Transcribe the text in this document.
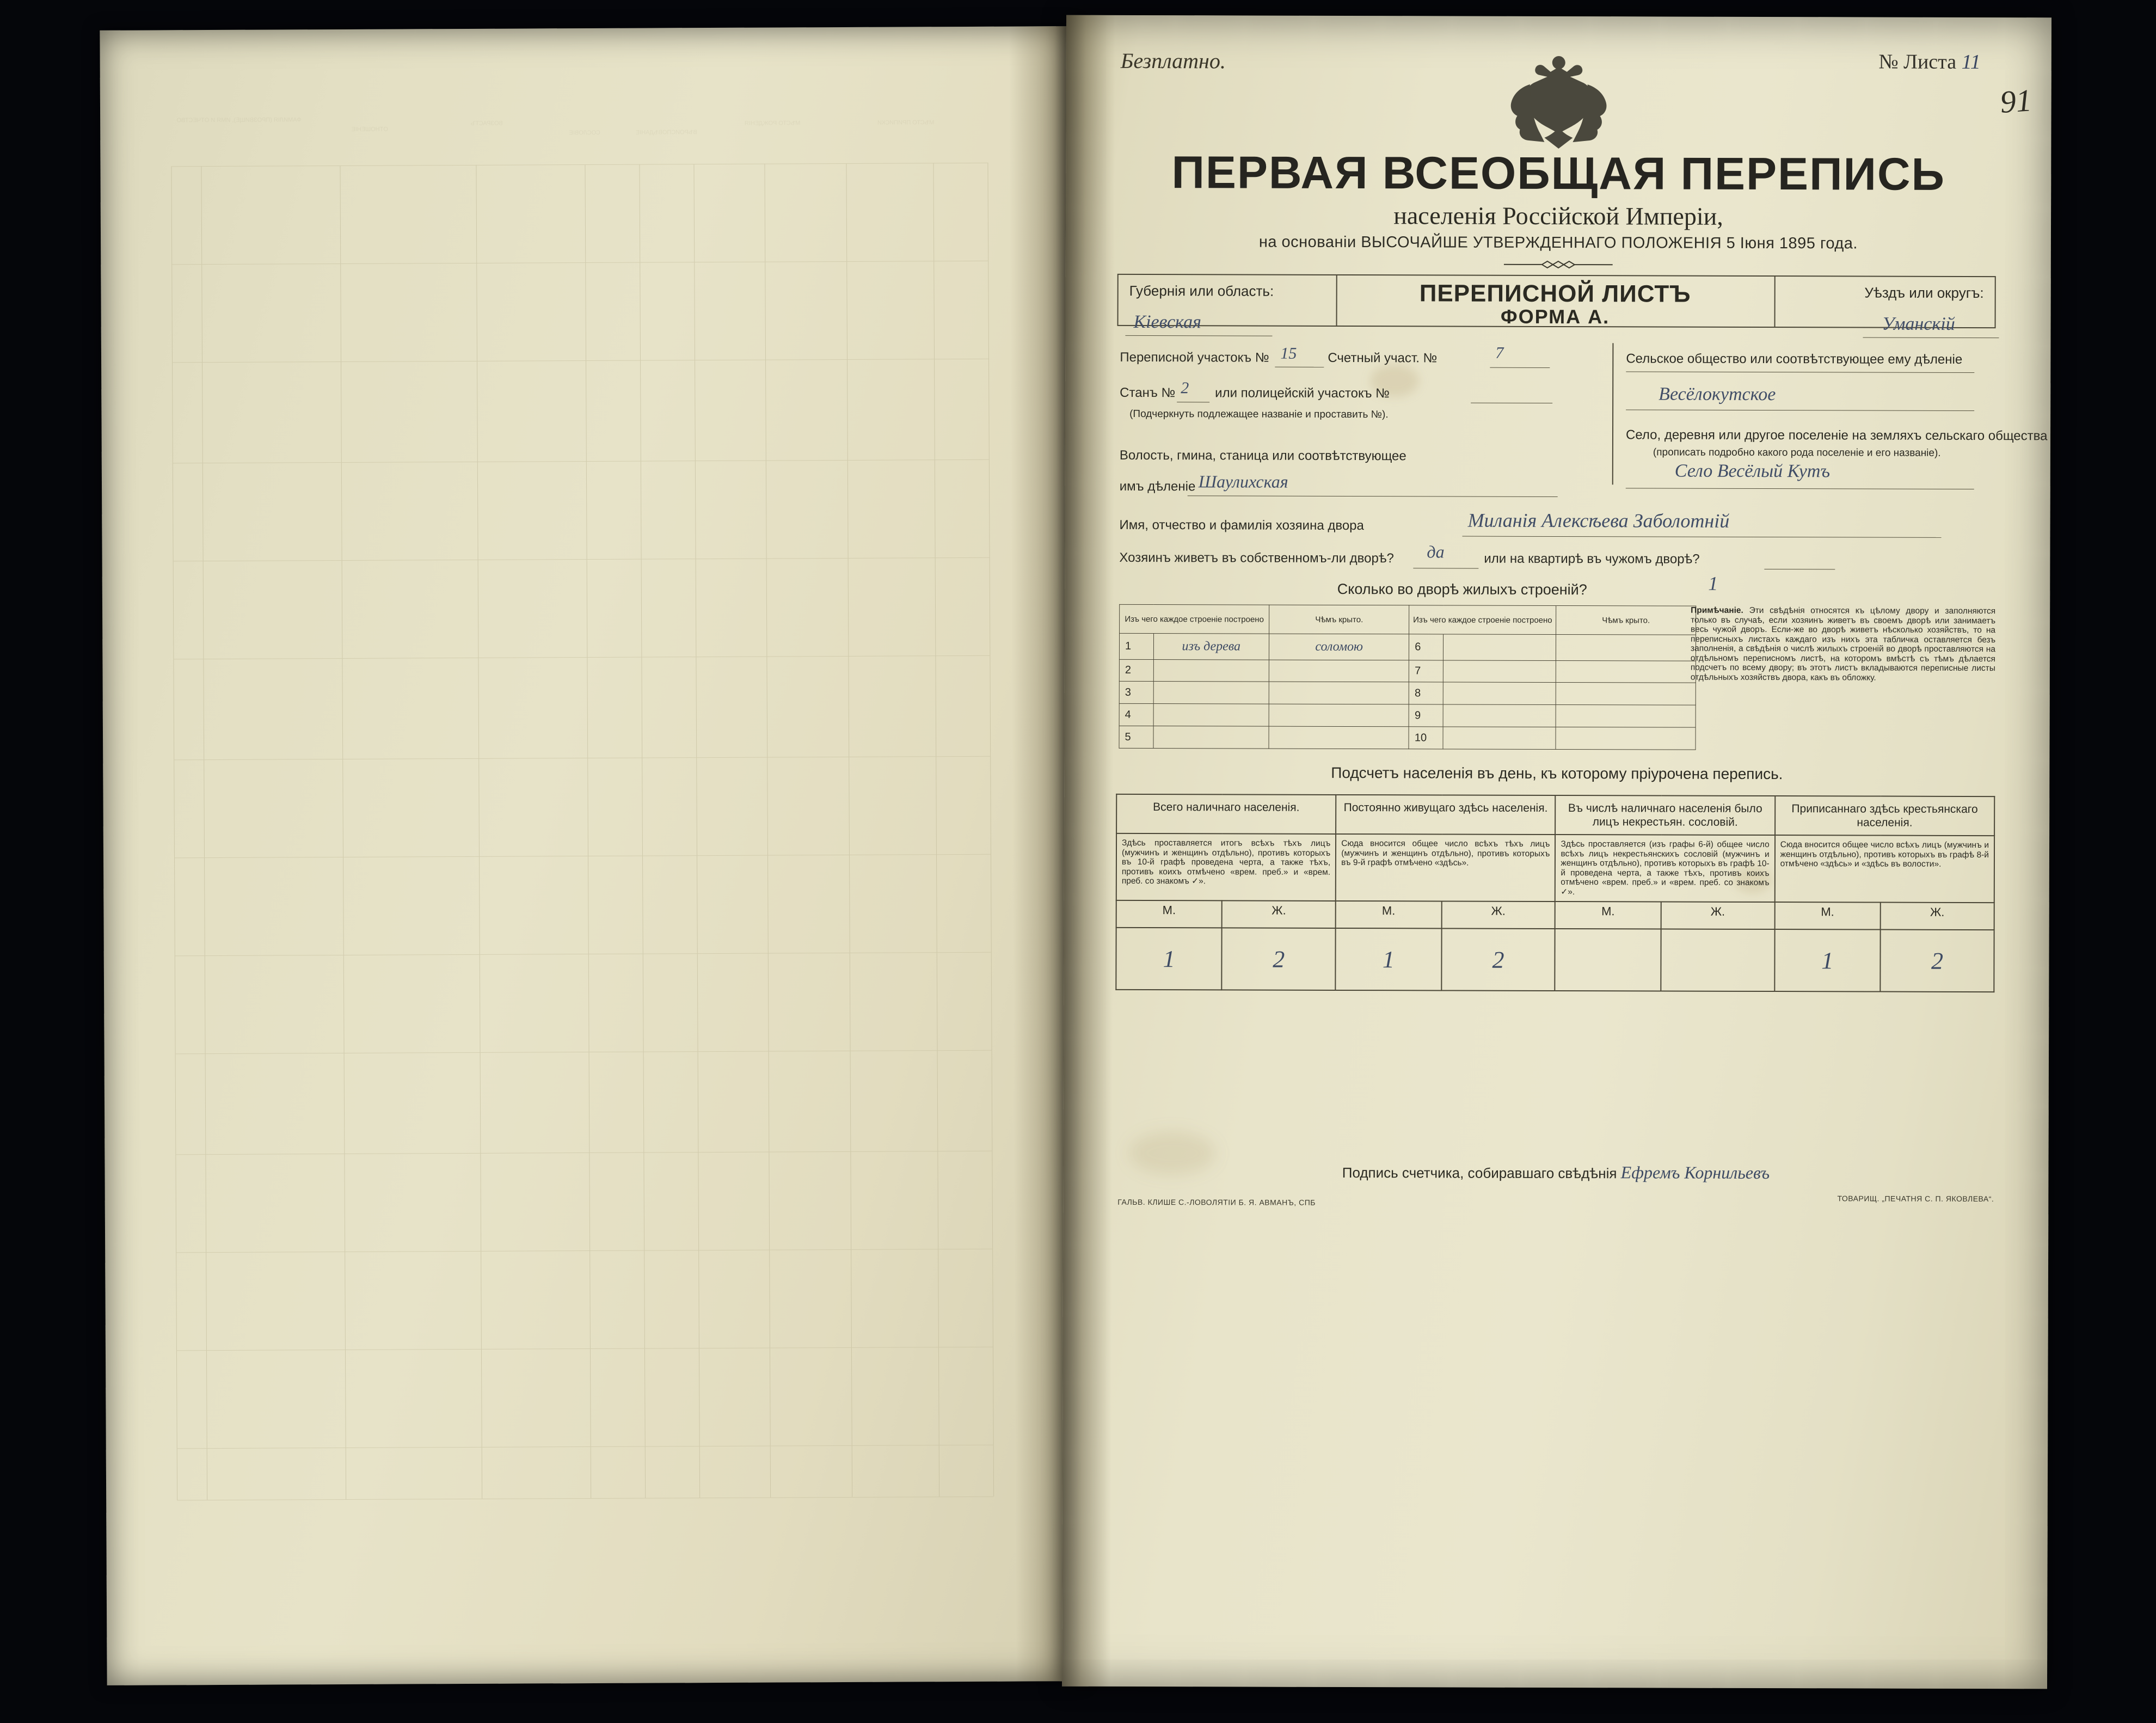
ФАМИЛІЯ (ПРОЗВИЩЕ), ИМЯ И ОТЧЕСТВО
ОТНОШЕНІЕ
ВОЗРАСТЪ
СОСЛОВІЕ	ВѢРОИСПОВѢДАНІЕ
МѢСТО РОЖДЕНІЯ	МѢСТО ПРИПИСКИ
Безплатно.	№ Листа 11
91
ПЕРВАЯ ВСЕОБЩАЯ ПЕРЕПИСЬ
населенія Россійской Имперіи,
на основаніи ВЫСОЧАЙШЕ УТВЕРЖДЕННАГО ПОЛОЖЕНІЯ 5 Іюня 1895 года.
Губернія или область:	Уѣздъ или округъ:
ПЕРЕПИСНОЙ ЛИСТЪ
ФОРМА А.
Кіевская	Уманскій
Переписной участокъ № 15 Счетный участ. №	7
Станъ № 2 или полицейскій участокъ №
(Подчеркнуть подлежащее названіе и проставить №).
Волость, гмина, станица или соотвѣтствующее
имъ дѣленіе Шаулихская
Сельское общество или соотвѣтствующее ему дѣленіе
Весёлокутское
Село, деревня или другое поселеніе на земляхъ сельскаго общества
(прописать подробно какого рода поселеніе и его названіе).
Село Весёлый Кутъ
Имя, отчество и фамилія хозяина двора	Миланія Алексѣева Заболотній
Хозяинъ живетъ въ собственномъ-ли дворѣ? да	или на квартирѣ въ чужомъ дворѣ?
Сколько во дворѣ жилыхъ строеній?	1
Изъ чего каждое строеніе построено		Чѣмъ крыто.	Изъ чего каждое строеніе построено		Чѣмъ крыто.
1	изъ дерева	соломою	6		
2			7		
3			8		
4			9		
5			10		
Примѣчаніе. Эти свѣдѣнія относятся къ цѣлому двору и заполняются только въ случаѣ, если хозяинъ живетъ въ своемъ дворѣ или занимаетъ весь чужой дворъ. Если-же во дворѣ живетъ нѣсколько хозяйствъ, то на переписныхъ листахъ каждаго изъ нихъ эта табличка оставляется безъ заполненія, а свѣдѣнія о числѣ жилыхъ строеній во дворѣ проставляются на отдѣльномъ переписномъ листѣ, на которомъ вмѣстѣ съ тѣмъ дѣлается подсчетъ по всему двору; въ этотъ листъ вкладываются переписные листы отдѣльныхъ хозяйствъ двора, какъ въ обложку.
Подсчетъ населенія въ день, къ которому пріурочена перепись.
Всего наличнаго населенія.		Постоянно живущаго здѣсь населенія.		Въ числѣ наличнаго населенія было лицъ некрестьян. сословій.		Приписаннаго здѣсь крестьянскаго населенія.	
Здѣсь проставляется итогъ всѣхъ тѣхъ лицъ (мужчинъ и женщинъ отдѣльно), противъ которыхъ въ 10-й графѣ проведена черта, а также тѣхъ, противъ коихъ отмѣчено «врем. преб.» и «врем. преб. со знакомъ ✓».		Сюда вносится общее число всѣхъ тѣхъ лицъ (мужчинъ и женщинъ отдѣльно), противъ которыхъ въ 9-й графѣ отмѣчено «здѣсь».		Здѣсь проставляется (изъ графы 6-й) общее число всѣхъ лицъ некрестьянскихъ сословій (мужчинъ и женщинъ отдѣльно), противъ которыхъ въ графѣ 10-й проведена черта, а также тѣхъ, противъ коихъ отмѣчено «врем. преб.» и «врем. преб. со знакомъ ✓».		Сюда вносится общее число всѣхъ лицъ (мужчинъ и женщинъ отдѣльно), противъ которыхъ въ графѣ 8-й отмѣчено «здѣсь» и «здѣсь въ волости».	
М.	Ж.	М.	Ж.	М.	Ж.	М.	Ж.
1	2	1	2			1	2
Подпись счетчика, собиравшаго свѣдѣнія Ефремъ Корнильевъ
ГАЛЬВ. КЛИШЕ С.-ЛОВОЛЯТІИ Б. Я. АВМАНЪ, СПБ	ТОВАРИЩ. „ПЕЧАТНЯ С. П. ЯКОВЛЕВА“.
